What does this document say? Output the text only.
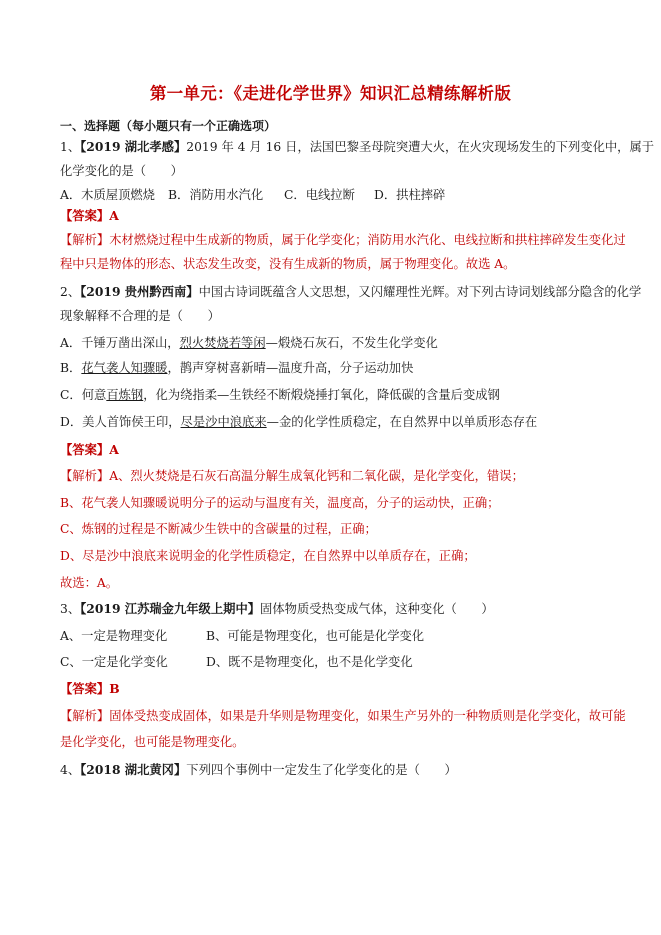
第一单元：《走进化学世界》知识汇总精练解析版
一、选择题（每小题只有一个正确选项）
1、【2019 湖北孝感】2019 年 4 月 16 日，法国巴黎圣母院突遭大火，在火灾现场发生的下列变化中，属于
化学变化的是（　　）
A．木质屋顶燃烧 B．消防用水汽化 C．电线拉断 D．拱柱摔碎
【答案】A
【解析】木材燃烧过程中生成新的物质，属于化学变化；消防用水汽化、电线拉断和拱柱摔碎发生变化过
程中只是物体的形态、状态发生改变，没有生成新的物质，属于物理变化。故选 A。
2、【2019 贵州黔西南】中国古诗词既蕴含人文思想，又闪耀理性光辉。对下列古诗词划线部分隐含的化学
现象解释不合理的是（　　）
A．千锤万凿出深山，烈火焚烧若等闲—煅烧石灰石，不发生化学变化
B．花气袭人知骤暖，鹊声穿树喜新晴—温度升高，分子运动加快
C．何意百炼钢，化为绕指柔—生铁经不断煅烧捶打氧化，降低碳的含量后变成钢
D．美人首饰侯王印，尽是沙中浪底来—金的化学性质稳定，在自然界中以单质形态存在
【答案】A
【解析】A、烈火焚烧是石灰石高温分解生成氧化钙和二氧化碳，是化学变化，错误；
B、花气袭人知骤暖说明分子的运动与温度有关，温度高，分子的运动快，正确；
C、炼钢的过程是不断减少生铁中的含碳量的过程，正确；
D、尽是沙中浪底来说明金的化学性质稳定，在自然界中以单质存在，正确；
故选：A。
3、【2019 江苏瑞金九年级上期中】固体物质受热变成气体，这种变化（　　）
A、一定是物理变化	B、可能是物理变化，也可能是化学变化
C、一定是化学变化	D、既不是物理变化，也不是化学变化
【答案】B
【解析】固体受热变成固体，如果是升华则是物理变化，如果生产另外的一种物质则是化学变化，故可能
是化学变化，也可能是物理变化。
4、【2018 湖北黄冈】下列四个事例中一定发生了化学变化的是（　　）
